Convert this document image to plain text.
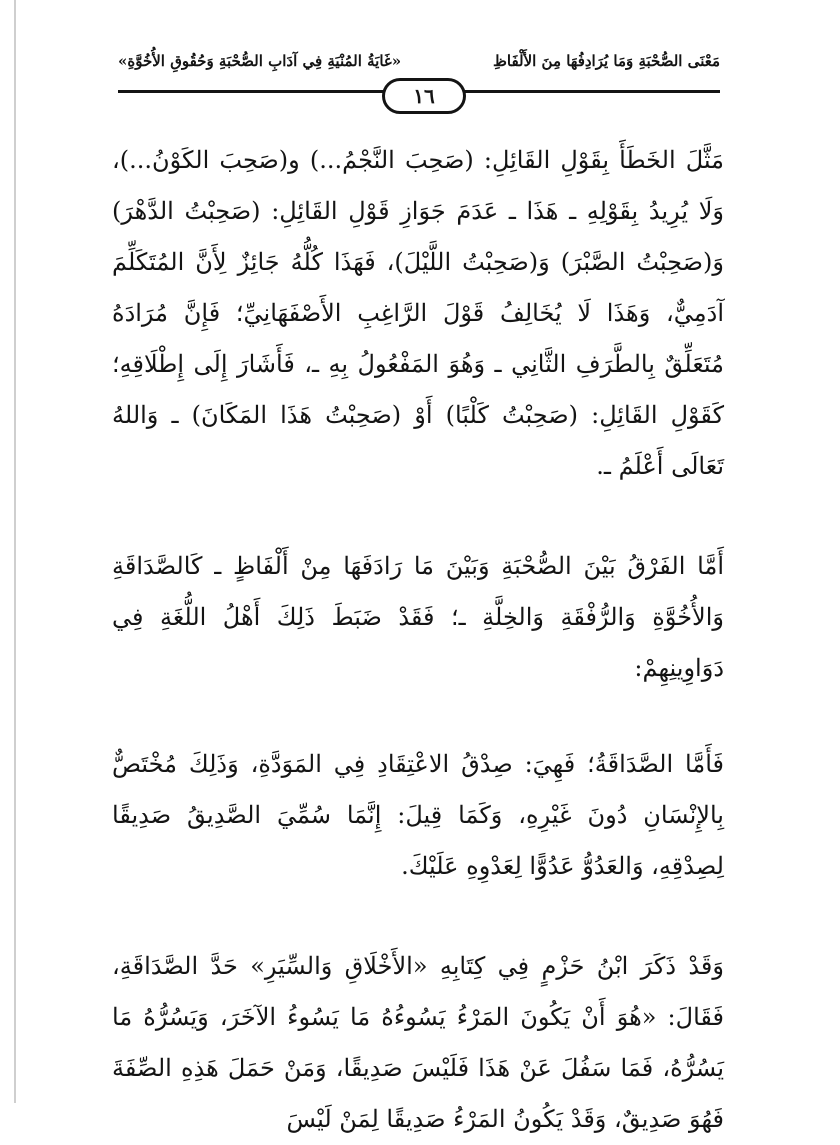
مَعْنَى الصُّحْبَةِ وَمَا يُرَادِفُهَا مِنَ الأَلْفَاظِ
«غَايَةُ المُنْيَةِ فِي آدَابِ الصُّحْبَةِ وَحُقُوقِ الأُخُوَّةِ»
١٦

مَثَّلَ الخَطَأَ بِقَوْلِ القَائِلِ: (صَحِبَ النَّجْمُ...) و(صَحِبَ الكَوْنُ...)، وَلَا يُرِيدُ بِقَوْلِهِ ـ هَذَا ـ عَدَمَ جَوَازِ قَوْلِ القَائِلِ: (صَحِبْتُ الدَّهْرَ) وَ(صَحِبْتُ الصَّبْرَ) وَ(صَحِبْتُ اللَّيْلَ)، فَهَذَا كُلُّهُ جَائِزٌ لِأَنَّ المُتَكَلِّمَ آدَمِيٌّ، وَهَذَا لَا يُخَالِفُ قَوْلَ الرَّاغِبِ الأَصْفَهَانِيِّ؛ فَإِنَّ مُرَادَهُ مُتَعَلِّقٌ بِالطَّرَفِ الثَّانِي ـ وَهُوَ المَفْعُولُ بِهِ ـ، فَأَشَارَ إِلَى إِطْلَاقِهِ؛ كَقَوْلِ القَائِلِ: (صَحِبْتُ كَلْبًا) أَوْ (صَحِبْتُ هَذَا المَكَانَ) ـ وَاللهُ تَعَالَى أَعْلَمُ ـ.

أَمَّا الفَرْقُ بَيْنَ الصُّحْبَةِ وَبَيْنَ مَا رَادَفَهَا مِنْ أَلْفَاظٍ ـ كَالصَّدَاقَةِ وَالأُخُوَّةِ وَالرُّفْقَةِ وَالخِلَّةِ ـ؛ فَقَدْ ضَبَطَ ذَلِكَ أَهْلُ اللُّغَةِ فِي دَوَاوِينِهِمْ:

فَأَمَّا الصَّدَاقَةُ؛ فَهِيَ: صِدْقُ الاعْتِقَادِ فِي المَوَدَّةِ، وَذَلِكَ مُخْتَصٌّ بِالإِنْسَانِ دُونَ غَيْرِهِ، وَكَمَا قِيلَ: إِنَّمَا سُمِّيَ الصَّدِيقُ صَدِيقًا لِصِدْقِهِ، وَالعَدُوُّ عَدُوًّا لِعَدْوِهِ عَلَيْكَ.

وَقَدْ ذَكَرَ ابْنُ حَزْمٍ فِي كِتَابِهِ «الأَخْلَاقِ وَالسِّيَرِ» حَدَّ الصَّدَاقَةِ، فَقَالَ: «هُوَ أَنْ يَكُونَ المَرْءُ يَسُوءُهُ مَا يَسُوءُ الآخَرَ، وَيَسُرُّهُ مَا يَسُرُّهُ، فَمَا سَفُلَ عَنْ هَذَا فَلَيْسَ صَدِيقًا، وَمَنْ حَمَلَ هَذِهِ الصِّفَةَ فَهُوَ صَدِيقٌ، وَقَدْ يَكُونُ المَرْءُ صَدِيقًا لِمَنْ لَيْسَ
